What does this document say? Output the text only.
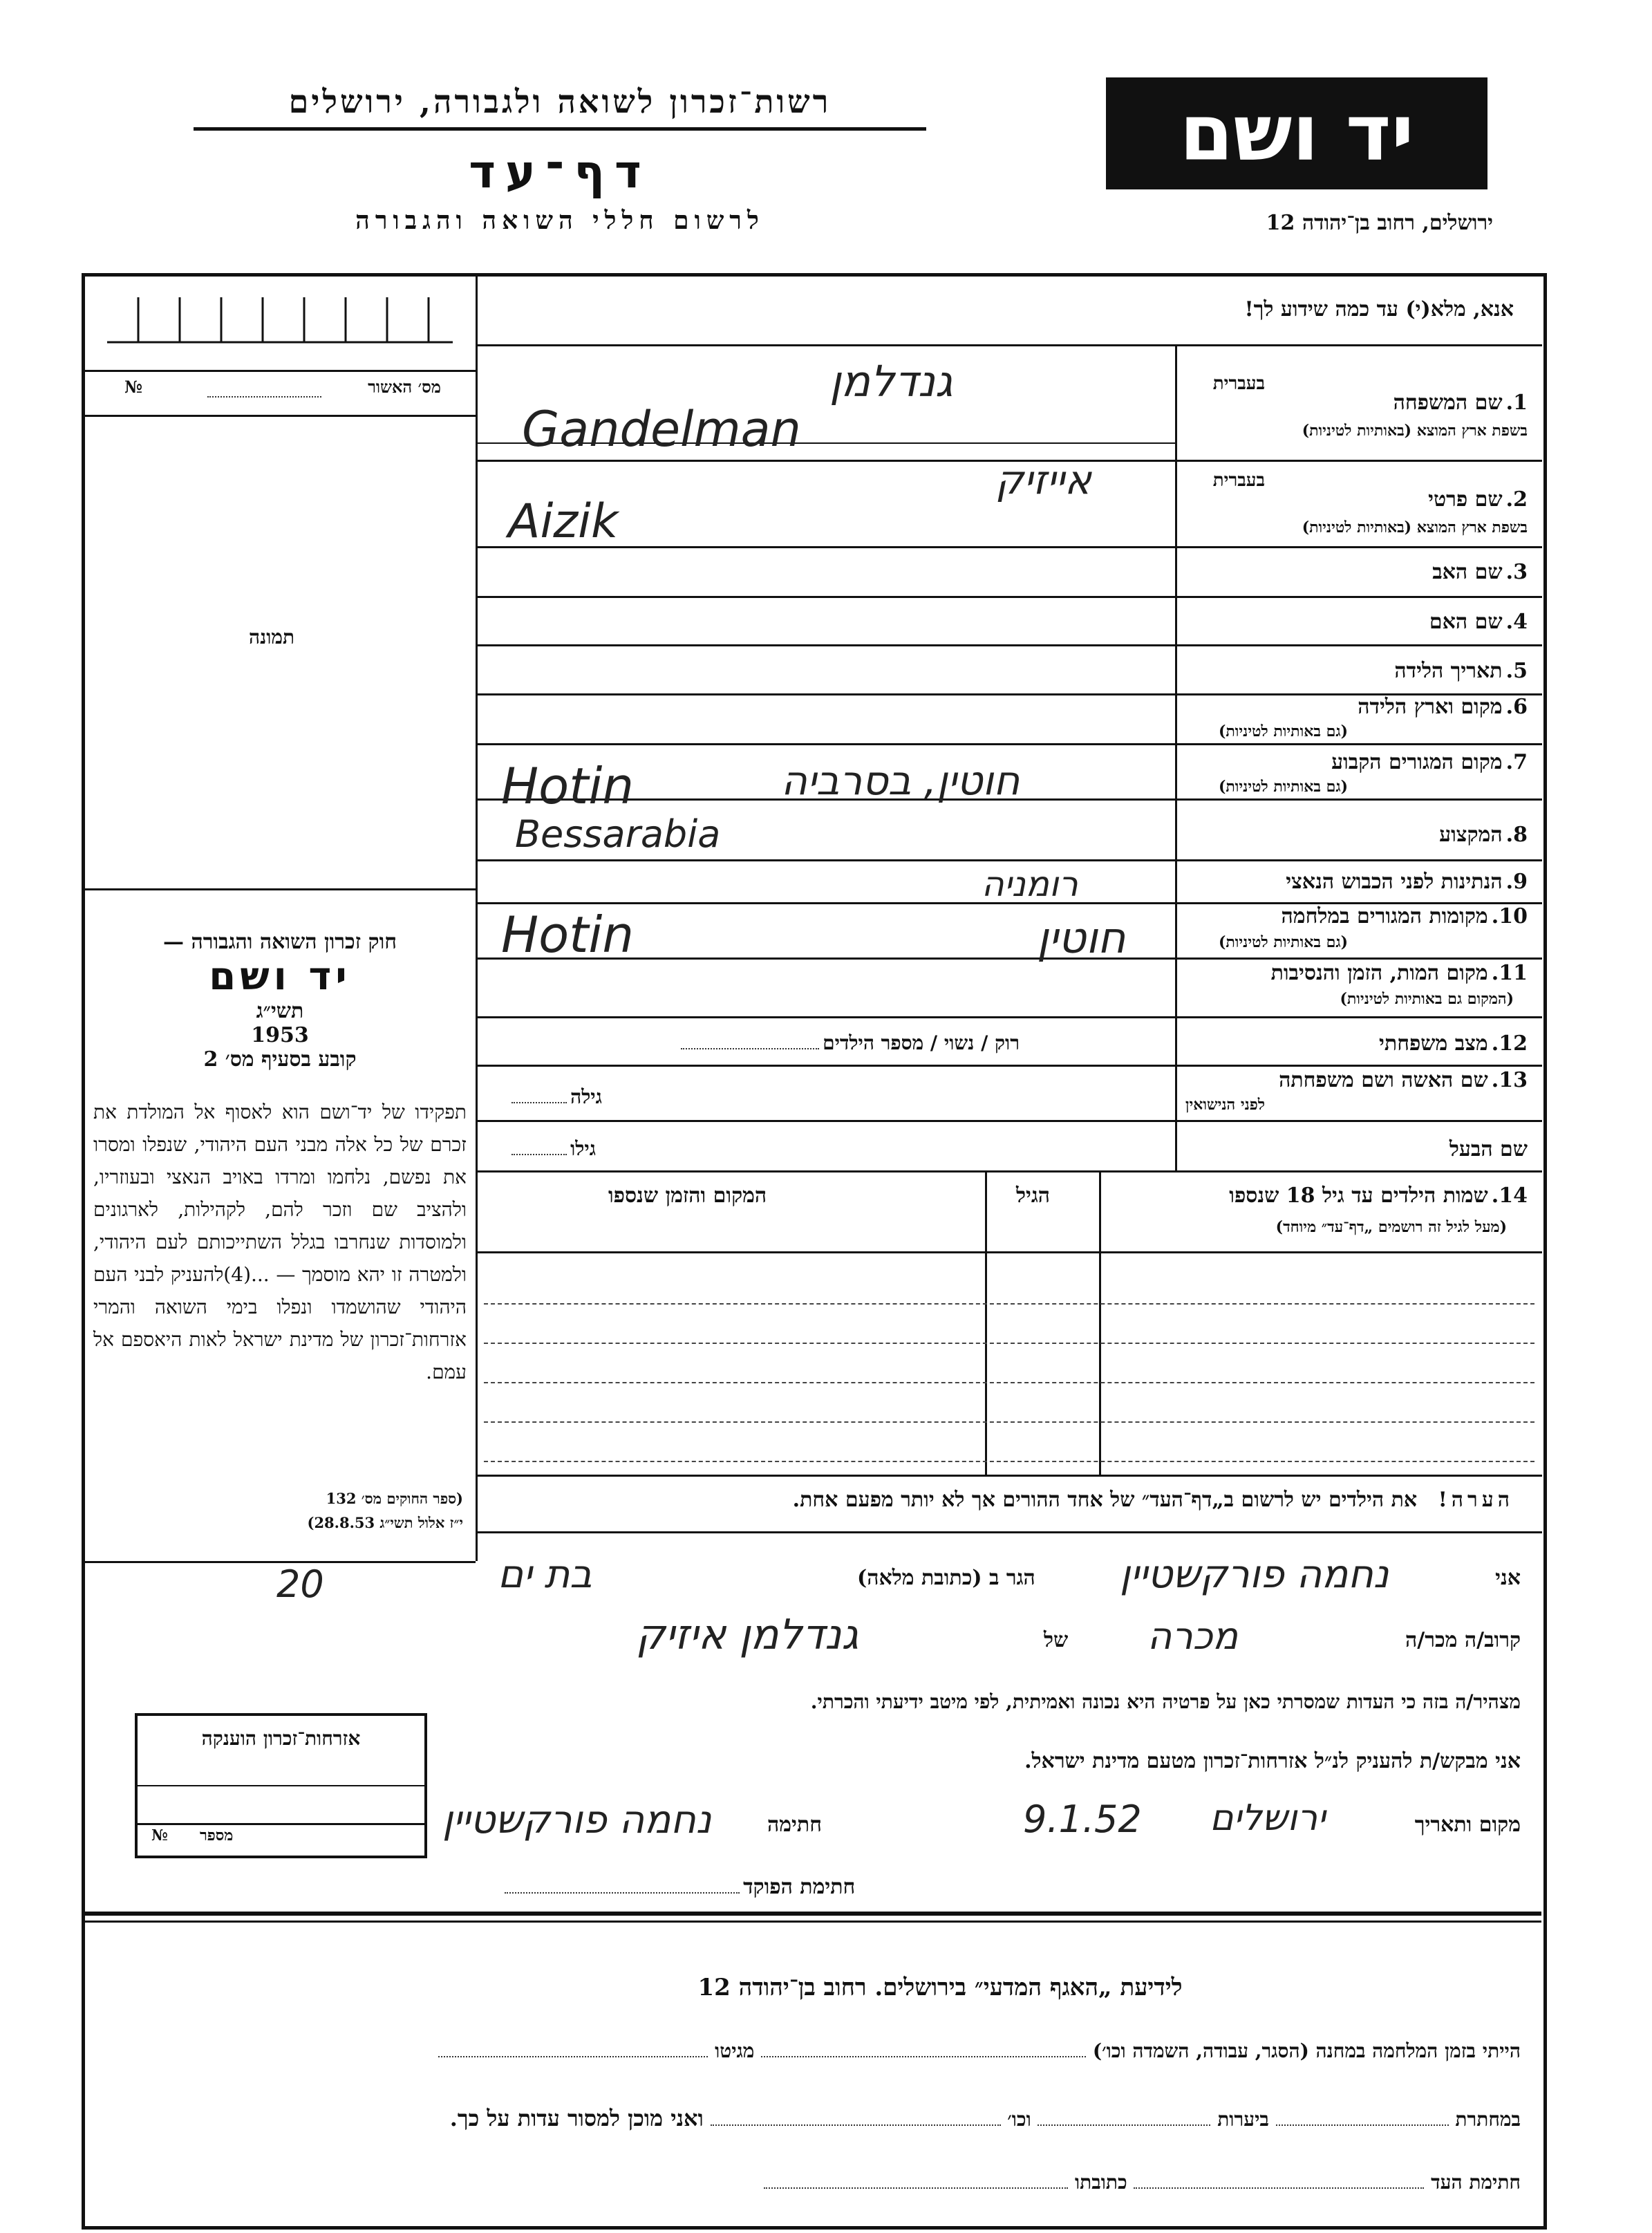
יד ושם
רשות־זכרון לשואה ולגבורה, ירושלים
דף־עד
לרשום חללי השואה והגבורה	ירושלים, רחוב בן־יהודה 12
מס׳ האשור
№
תמונה
אנא, מלא(י) עד כמה שידוע לך!
בעברית
1. שם המשפחה
בשפת ארץ המוצא (באותיות לטיניות)
גנדלמן
Gandelman
בעברית
2. שם פרטי
בשפת ארץ המוצא (באותיות לטיניות)
אייזיק
Aizik
3. שם האב
4. שם האם
5. תאריך הלידה
6. מקום וארץ הלידה
(גם באותיות לטיניות)
7. מקום המגורים הקבוע
(גם באותיות לטיניות)
חוטין, בסרביה
Hotin
Bessarabia	8. המקצוע
9. הנתינות לפני הכבוש הנאצי
רומניה
10. מקומות המגורים במלחמה
(גם באותיות לטיניות)
חוטין
Hotin
11. מקום המות, הזמן והנסיבות
(המקום גם באותיות לטיניות)
12. מצב משפחתי
רוק / נשוי / מספר הילדים
13. שם האשה ושם משפחתה
לפני הנישואין
גילה
שם הבעל
גילו
14. שמות הילדים עד גיל 18 שנספו
(מעל לגיל זה רושמים „דף־עד״ מיוחד)
הגיל
המקום והזמן שנספו
הערה! את הילדים יש לרשום ב„דף־העד״ של אחד ההורים אך לא יותר מפעם אחת.

חוק זכרון השואה והגבורה —

יד ושם

תשי״ג

1953

קובע בסעיף מס׳ 2

תפקידו של יד־ושם הוא לאסוף אל המולדת את זכרם של כל אלה מבני העם היהודי, שנפלו ומסרו את נפשם, נלחמו ומרדו באויב הנאצי ובעוזריו, ולהציב שם וזכר להם, לקהילות, לארגונים ולמוסדות שנחרבו בגלל השתייכותם לעם היהודי, ולמטרה זו יהא מוסמך — ...(4)להעניק לבני העם היהודי שהושמדו ונפלו בימי השואה והמרי אזרחות־זכרון של מדינת ישראל לאות היאספם אל עמם.
(ספר החוקים מס׳ 132
י״ז אלול תשי״ג 28.8.53)
אני
נחמה פורקשטיין
הגר ב (כתובת מלאה)
בת ים
20
קרוב/ה מכר/ה
מכרה
של
גנדלמן איזיק
מצהיר/ה בזה כי העדות שמסרתי כאן על פרטיה היא נכונה ואמיתית, לפי מיטב ידיעתי והכרתי.
אני מבקש/ת להעניק לנ״ל אזרחות־זכרון מטעם מדינת ישראל.
מקום ותאריך
ירושלים
9.1.52
חתימה
נחמה פורקשטיין
חתימת הפוקד
אזרחות־זכרון הוענקה
№ מספר
לידיעת „האגף המדעי״ בירושלים. רחוב בן־יהודה 12
הייתי בזמן המלחמה במחנה (הסגר, עבודה, השמדה וכו׳)  מגיטו
במחתרת  ביערות  וכו׳  ואני מוכן למסור עדות על כך.
חתימת העד  כתובתו
